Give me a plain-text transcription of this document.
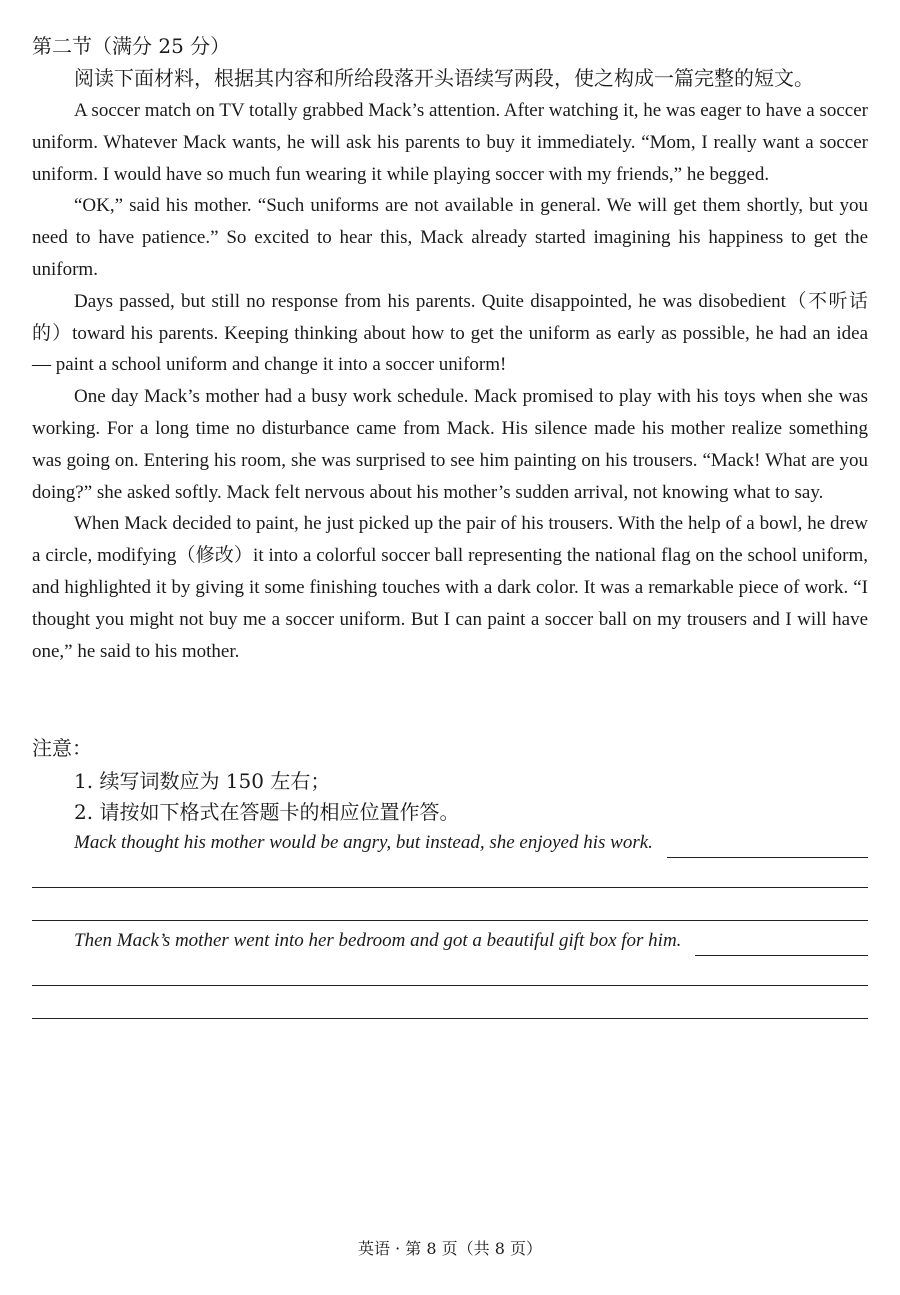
第二节（满分 25 分）
阅读下面材料，根据其内容和所给段落开头语续写两段，使之构成一篇完整的短文。

A soccer match on TV totally grabbed Mack’s attention. After watching it, he was eager to have a soccer uniform. Whatever Mack wants, he will ask his parents to buy it immediately. “Mom, I really want a soccer uniform. I would have so much fun wearing it while playing soccer with my friends,” he begged.

“OK,” said his mother. “Such uniforms are not available in general. We will get them shortly, but you need to have patience.” So excited to hear this, Mack already started imagining his happiness to get the uniform.

Days passed, but still no response from his parents. Quite disappointed, he was disobedient（不听话的）toward his parents. Keeping thinking about how to get the uniform as early as possible, he had an idea — paint a school uniform and change it into a soccer uniform!

One day Mack’s mother had a busy work schedule. Mack promised to play with his toys when she was working. For a long time no disturbance came from Mack. His silence made his mother realize something was going on. Entering his room, she was surprised to see him painting on his trousers. “Mack! What are you doing?” she asked softly. Mack felt nervous about his mother’s sudden arrival, not knowing what to say.

When Mack decided to paint, he just picked up the pair of his trousers. With the help of a bowl, he drew a circle, modifying（修改）it into a colorful soccer ball representing the national flag on the school uniform, and highlighted it by giving it some finishing touches with a dark color. It was a remarkable piece of work. “I thought you might not buy me a soccer uniform. But I can paint a soccer ball on my trousers and I will have one,” he said to his mother.

注意：
1. 续写词数应为 150 左右；
2. 请按如下格式在答题卡的相应位置作答。
Mack thought his mother would be angry, but instead, she enjoyed his work.
Then Mack’s mother went into her bedroom and got a beautiful gift box for him.
英语 · 第 8 页（共 8 页）
